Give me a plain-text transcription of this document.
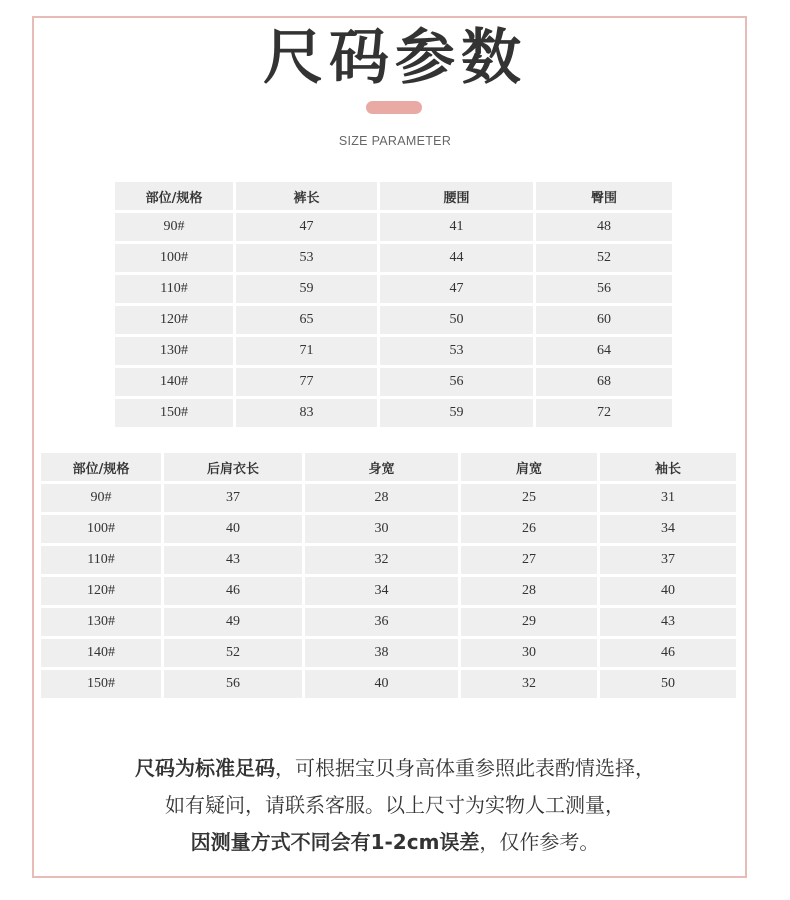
尺码参数
SIZE PARAMETER
部位/规格	裤长	腰围	臀围
90#	47	41	48
100#	53	44	52
110#	59	47	56
120#	65	50	60
130#	71	53	64
140#	77	56	68
150#	83	59	72
部位/规格	后肩衣长	身宽	肩宽	袖长
90#	37	28	25	31
100#	40	30	26	34
110#	43	32	27	37
120#	46	34	28	40
130#	49	36	29	43
140#	52	38	30	46
150#	56	40	32	50
尺码为标准足码，可根据宝贝身高体重参照此表酌情选择，
如有疑问，请联系客服。以上尺寸为实物人工测量，
因测量方式不同会有1-2cm误差，仅作参考。
